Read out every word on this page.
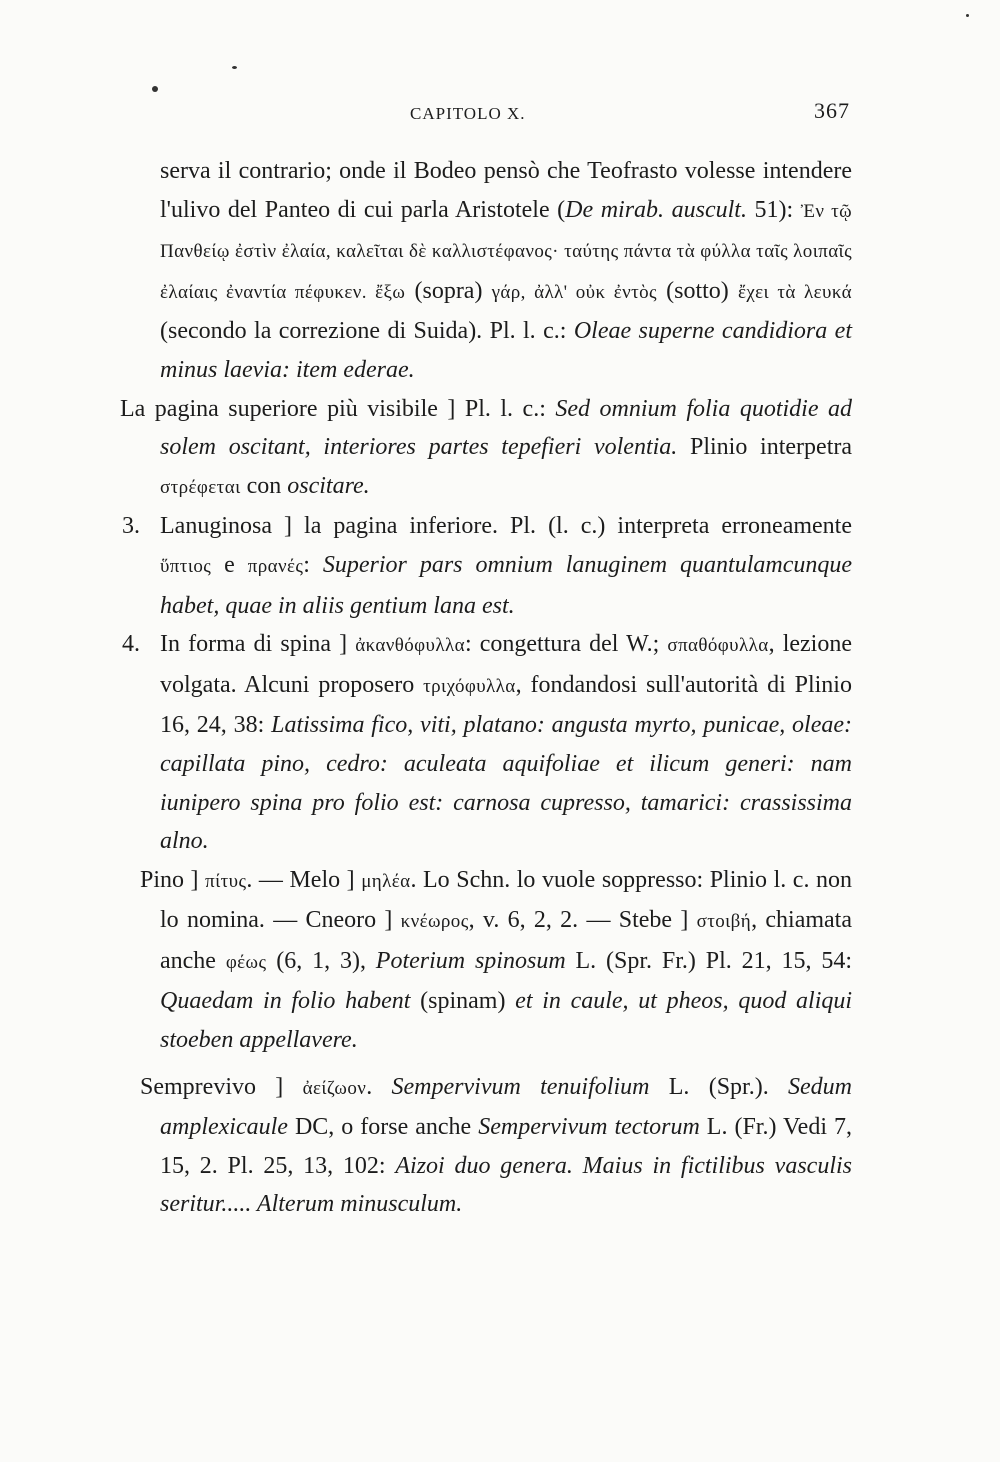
CAPITOLO X.	367

serva il contrario; onde il Bodeo pensò che Teofrasto volesse intendere l'ulivo del Panteo di cui parla Aristotele (De mirab. auscult. 51): Ἐν τῷ Πανθείῳ ἐστὶν ἐλαία, καλεῖται δὲ καλλιστέφανος· ταύτης πάντα τὰ φύλλα ταῖς λοιπαῖς ἐλαίαις ἐναντία πέφυκεν. ἔξω (sopra) γάρ, ἀλλ' οὐκ ἐντὸς (sotto) ἔχει τὰ λευκά (secondo la correzione di Suida). Pl. l. c.: Oleae superne candidiora et minus laevia: item ederae.

La pagina superiore più visibile ] Pl. l. c.: Sed omnium folia quotidie ad solem oscitant, interiores partes tepefieri volentia. Plinio interpetra στρέφεται con oscitare.

3. Lanuginosa ] la pagina inferiore. Pl. (l. c.) interpreta erroneamente ὕπτιος e πρανές: Superior pars omnium lanuginem quantulamcunque habet, quae in aliis gentium lana est.

4. In forma di spina ] ἀκανθόφυλλα: congettura del W.; σπαθόφυλλα, lezione volgata. Alcuni proposero τριχόφυλλα, fondandosi sull'autorità di Plinio 16, 24, 38: Latissima fico, viti, platano: angusta myrto, punicae, oleae: capillata pino, cedro: aculeata aquifoliae et ilicum generi: nam iunipero spina pro folio est: carnosa cupresso, tamarici: crassissima alno.

Pino ] πίτυς. — Melo ] μηλέα. Lo Schn. lo vuole soppresso: Plinio l. c. non lo nomina. — Cneoro ] κνέωρος, v. 6, 2, 2. — Stebe ] στοιβή, chiamata anche φέως (6, 1, 3), Poterium spinosum L. (Spr. Fr.) Pl. 21, 15, 54: Quaedam in folio habent (spinam) et in caule, ut pheos, quod aliqui stoeben appellavere.

Semprevivo ] ἀείζωον. Sempervivum tenuifolium L. (Spr.). Sedum amplexicaule DC, o forse anche Sempervivum tectorum L. (Fr.) Vedi 7, 15, 2. Pl. 25, 13, 102: Aizoi duo genera. Maius in fictilibus vasculis seritur..... Alterum minusculum.
